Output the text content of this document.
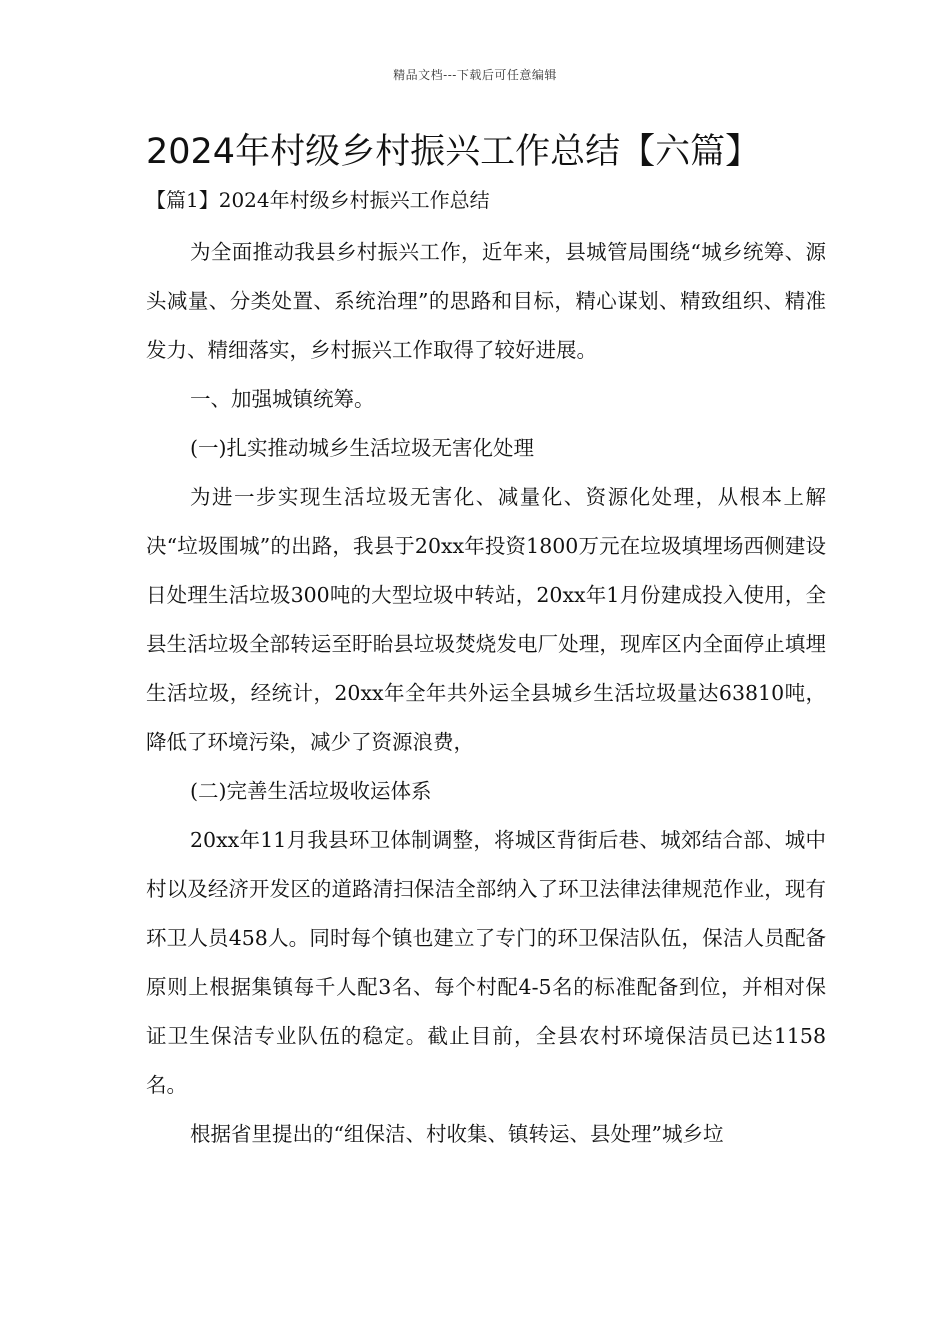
精品文档---下载后可任意编辑
2024年村级乡村振兴工作总结【六篇】
【篇1】2024年村级乡村振兴工作总结

为全面推动我县乡村振兴工作，近年来，县城管局围绕“城乡统筹、源头减量、分类处置、系统治理”的思路和目标，精心谋划、精致组织、精准发力、精细落实，乡村振兴工作取得了较好进展。

一、加强城镇统筹。

(一)扎实推动城乡生活垃圾无害化处理

为进一步实现生活垃圾无害化、减量化、资源化处理，从根本上解决“垃圾围城”的出路，我县于20xx年投资1800万元在垃圾填埋场西侧建设日处理生活垃圾300吨的大型垃圾中转站，20xx年1月份建成投入使用，全县生活垃圾全部转运至盱眙县垃圾焚烧发电厂处理，现库区内全面停止填埋生活垃圾，经统计，20xx年全年共外运全县城乡生活垃圾量达63810吨，降低了环境污染，减少了资源浪费，

(二)完善生活垃圾收运体系

20xx年11月我县环卫体制调整，将城区背街后巷、城郊结合部、城中村以及经济开发区的道路清扫保洁全部纳入了环卫法律法律规范作业，现有环卫人员458人。同时每个镇也建立了专门的环卫保洁队伍，保洁人员配备原则上根据集镇每千人配3名、每个村配4-5名的标准配备到位，并相对保证卫生保洁专业队伍的稳定。截止目前，全县农村环境保洁员已达1158名。

根据省里提出的“组保洁、村收集、镇转运、县处理”城乡垃
